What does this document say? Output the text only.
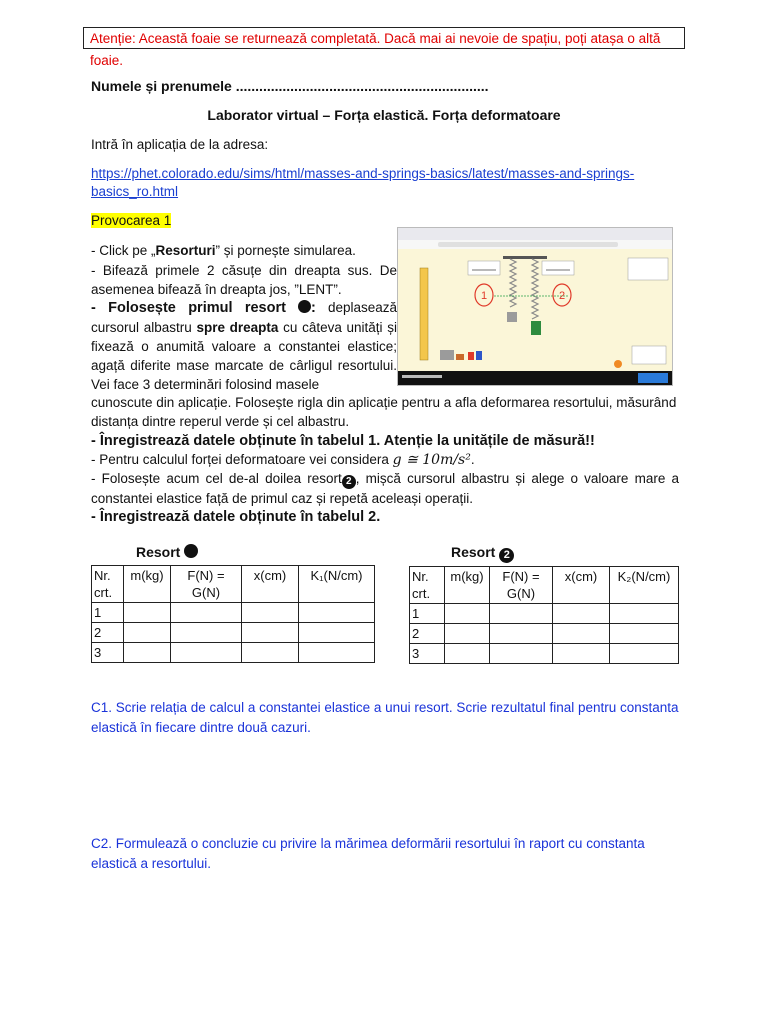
Atenție: Această foaie se returnează completată. Dacă mai ai nevoie de spațiu, poți atașa o altă foaie.
Numele și prenumele .................................................................
Laborator virtual – Forța elastică. Forța deformatoare
Intră în aplicația de la adresa:
https://phet.colorado.edu/sims/html/masses-and-springs-basics/latest/masses-and-springs-
basics_ro.html
Provocarea 1
- Click pe „Resorturi” și pornește simularea.
- Bifează primele 2 căsuțe din dreapta sus. De asemenea bifează în dreapta jos, ”LENT”.
- Folosește primul resort : deplasează cursorul albastru spre dreapta cu câteva unități și fixează o anumită valoare a constantei elastice; agață diferite mase marcate de cârligul resortului. Vei face 3 determinări folosind masele
cunoscute din aplicație. Folosește rigla din aplicație pentru a afla deformarea resortului, măsurând distanța dintre reperul verde și cel albastru.
- Înregistrează datele obținute în tabelul 1. Atenție la unitățile de măsură!!
- Pentru calculul forței deformatoare vei considera g ≅ 10m/s².
- Folosește acum cel de-al doilea resort 2 , mișcă cursorul albastru și alege o valoare mare a constantei elastice față de primul caz și repetă aceleași operații.
- Înregistrează datele obținute în tabelul 2.
1	2
Resort
Nr. crt.	m(kg)	F(N) = G(N)	x(cm)	K₁(N/cm)
1				
2				
3				
Resort 2
Nr. crt.	m(kg)	F(N) = G(N)	x(cm)	K₂(N/cm)
1				
2				
3				
C1. Scrie relația de calcul a constantei elastice a unui resort. Scrie rezultatul final pentru constanta elastică în fiecare dintre două cazuri.
C2. Formulează o concluzie cu privire la mărimea deformării resortului în raport cu constanta elastică a resortului.
